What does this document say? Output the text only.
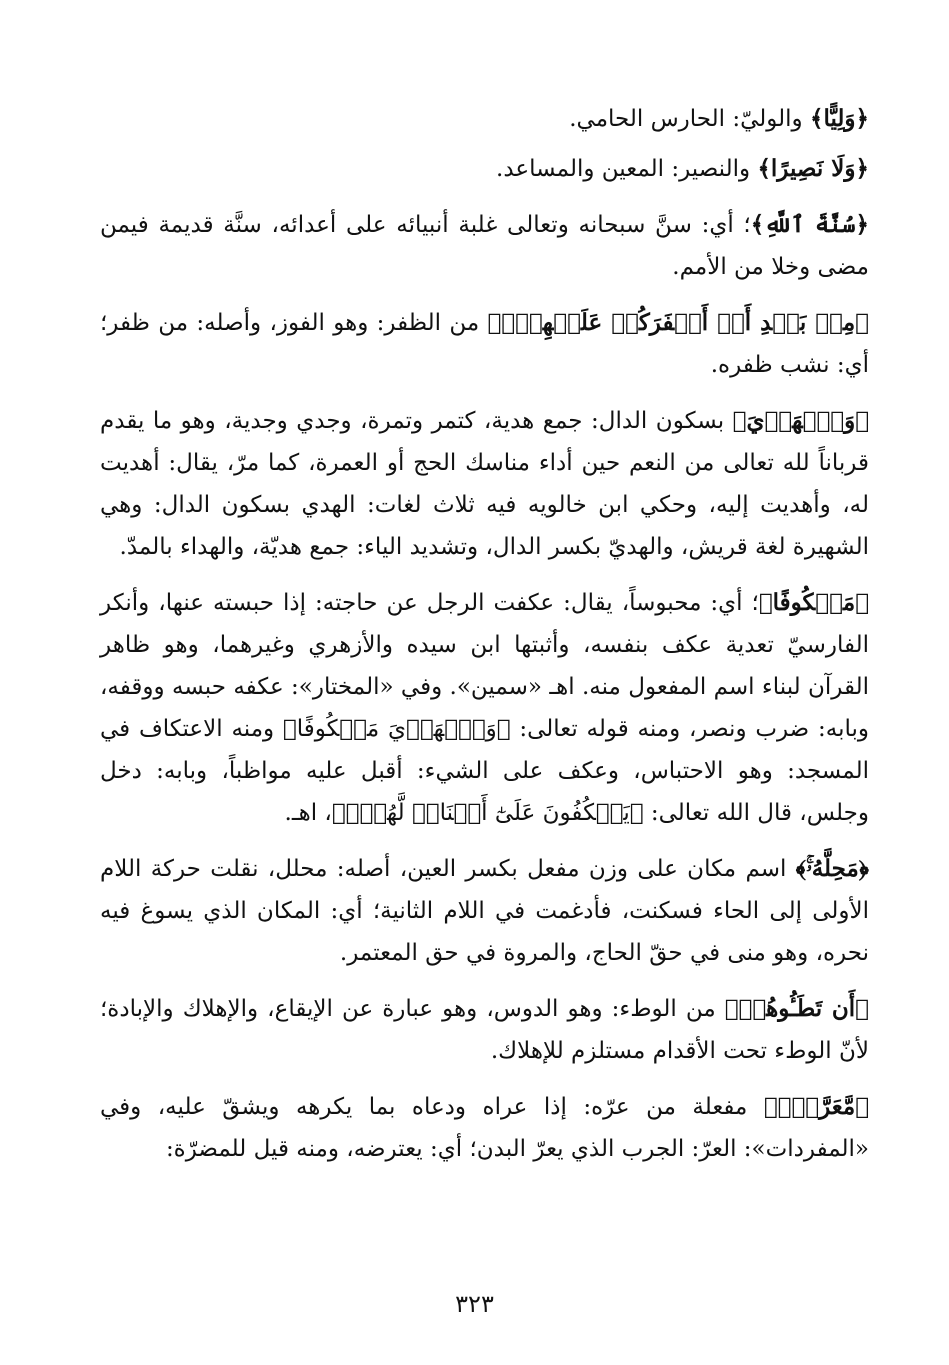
﴿وَلِيًّا﴾ والوليّ: الحارس الحامي.

﴿وَلَا نَصِيرًا﴾ والنصير: المعين والمساعد.

﴿سُنَّةَ ٱللَّهِ﴾؛ أي: سنَّ سبحانه وتعالى غلبة أنبيائه على أعدائه، سنَّة قديمة فيمن مضى وخلا من الأمم.

﴿مِنۢ بَعۡدِ أَنۡ أَظۡفَرَكُمۡ عَلَيۡهِمۡۚ﴾ من الظفر: وهو الفوز، وأصله: من ظفر؛ أي: نشب ظفره.

﴿وَٱلۡهَدۡيَ﴾ بسكون الدال: جمع هدية، كتمر وتمرة، وجدي وجدية، وهو ما يقدم قرباناً لله تعالى من النعم حين أداء مناسك الحج أو العمرة، كما مرّ، يقال: أهديت له، وأهديت إليه، وحكي ابن خالويه فيه ثلاث لغات: الهدي بسكون الدال: وهي الشهيرة لغة قريش، والهديّ بكسر الدال، وتشديد الياء: جمع هديّة، والهداء بالمدّ.

﴿مَعۡكُوفًا﴾؛ أي: محبوساً، يقال: عكفت الرجل عن حاجته: إذا حبسته عنها، وأنكر الفارسيّ تعدية عكف بنفسه، وأثبتها ابن سيده والأزهري وغيرهما، وهو ظاهر القرآن لبناء اسم المفعول منه. اهـ «سمين». وفي «المختار»: عكفه حبسه ووقفه، وبابه: ضرب ونصر، ومنه قوله تعالى: ﴿وَٱلۡهَدۡيَ مَعۡكُوفًا﴾ ومنه الاعتكاف في المسجد: وهو الاحتباس، وعكف على الشيء: أقبل عليه مواظباً، وبابه: دخل وجلس، قال الله تعالى: ﴿يَعۡكُفُونَ عَلَىٰٓ أَصۡنَامٖ لَّهُمۡۚ﴾، اهـ.

﴿مَحِلَّهُۥۚ﴾ اسم مكان على وزن مفعل بكسر العين، أصله: محلل، نقلت حركة اللام الأولى إلى الحاء فسكنت، فأدغمت في اللام الثانية؛ أي: المكان الذي يسوغ فيه نحره، وهو منى في حقّ الحاج، والمروة في حق المعتمر.

﴿أَن تَطَـُٔوهُمۡ﴾ من الوطء: وهو الدوس، وهو عبارة عن الإيقاع، والإهلاك والإبادة؛ لأنّ الوطء تحت الأقدام مستلزم للإهلاك.

﴿مَّعَرَّةُۢ﴾ مفعلة من عرّه: إذا عراه ودعاه بما يكرهه ويشقّ عليه، وفي «المفردات»: العرّ: الجرب الذي يعرّ البدن؛ أي: يعترضه، ومنه قيل للمضرّة:

٣٢٣
